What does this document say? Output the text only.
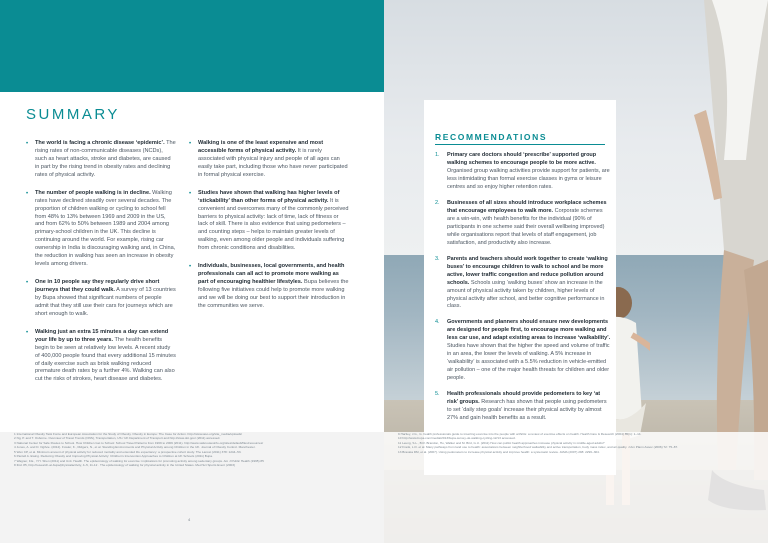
SUMMARY
• The world is facing a chronic disease ‘epidemic’. The rising rates of non-communicable diseases (NCDs), such as heart attacks, stroke and diabetes, are caused in part by the rising trend in obesity rates and declining rates of physical activity.
• The number of people walking is in decline. Walking rates have declined steadily over several decades. The proportion of children walking or cycling to school fell from 48% to 13% between 1969 and 2009 in the US, and from 62% to 50% between 1989 and 2004 among primary-school children in the UK. This decline is continuing around the world. For example, rising car ownership in India is discouraging walking and, in China, the reduction in walking has seen an increase in obesity levels among drivers.
• One in 10 people say they regularly drive short journeys that they could walk. A survey of 13 countries by Bupa showed that significant numbers of people admit that they still use their cars for journeys which are short enough to walk.
• Walking just an extra 15 minutes a day can extend your life by up to three years. The health benefits begin to be seen at relatively low levels. A recent study of 400,000 people found that every additional 15 minutes of daily exercise such as brisk walking reduced premature death rates by a further 4%. Walking can also cut the risks of strokes, heart disease and diabetes.
• Walking is one of the least expensive and most accessible forms of physical activity. It is rarely associated with physical injury and people of all ages can easily take part, including those who have never participated in formal physical exercise.
• Studies have shown that walking has higher levels of ‘stickability’ than other forms of physical activity. It is convenient and overcomes many of the commonly perceived barriers to physical activity: lack of time, lack of fitness or lack of skill. There is also evidence that using pedometers – and counting steps – helps to maintain greater levels of walking, even among older people and individuals suffering from chronic conditions and disabilities.
• Individuals, businesses, local governments, and health professionals can all act to promote more walking as part of encouraging healthier lifestyles. Bupa believes the following five initiatives could help to promote more walking and we will be doing our best to support their introduction in the communities we serve.

1 International Obesity Task Force and European Association for the Study of Obesity. Obesity in Europe: The Case for Action. http://www.iaso.org/site_media/uploads/

2 Ng, P. and T. Osborne. Overview of Travel Trends (ONS), Transportation, US / UK Department of Transport and http://www.dot.gov/ (2011) accessed.

3 National Center for Safe Routes to School. How Children Get to School: School Travel Patterns from 1969 to 2009 (2011). http://www.saferoutesinfo.org/sites/default/files/resources/

4 Jones, A. and D. Ogilvie. (2012). Fowler, K., Ridgers, N., et al. Standing Environments and Physical Activity among Children in the UK. Journal of Obesity Control. Manchester.

5 Wen CP, et al. Minimum amount of physical activity for reduced mortality and extended life expectancy: a prospective cohort study. The Lancet (2011) 378: 1244–53.

6 Pantell A. Ewing. Reducing Obesity and Improving Physical Activity: Children’s Intervention Approaches to Children at UK Schools (2011) Bupa.

7 Wagner, F.E., Y.H. Shen (2011) and Unit. Health. The epidemiology of walking for exercise: implications for promoting activity among sedentary groups. Am J Public Health (1995) 85

8 Ibid. 85, http://research-at-bupa/physicalactivity, 4–5, 11-12 · The epidemiology of walking for physical activity in the United States. Med Sci Sports Exerc (2003)

4
RECOMMENDATIONS
1. Primary care doctors should ‘prescribe’ supported group walking schemes to encourage people to be more active. Organised group walking activities provide support for patients, are less intimidating than formal exercise classes in gyms or leisure centres and so enjoy higher retention rates.
2. Businesses of all sizes should introduce workplace schemes that encourage employees to walk more. Corporate schemes are a win-win, with health benefits for the individual (90% of participants in one scheme said their overall wellbeing improved) while organisations report that levels of staff engagement, job satisfaction, and productivity also increase.
3. Parents and teachers should work together to create ‘walking buses’ to encourage children to walk to school and be more active, lower traffic congestion and reduce pollution around schools. Schools using ‘walking buses’ show an increase in the amount of physical activity taken by children, higher levels of physical activity after school, and better cognitive performance in class.
4. Governments and planners should ensure new developments are designed for people first, to encourage more walking and less car use, and adapt existing areas to increase ‘walkability’. Studies have shown that the higher the speed and volume of traffic in an area, the lower the levels of walking. A 5% increase in ‘walkability’ is associated with a 5.5% reduction in vehicle-emitted air pollution – one of the major health threats for children and older people.
5. Health professionals should provide pedometers to key ‘at risk’ groups. Research has shown that people using pedometers to set ‘daily step goals’ increase their physical activity by almost 27% and gain health benefits as a result.

9 Hartley, J.G., G. health professionals guide to inserting exercise into the people with arthritis: a review of exercise effects on health. Health Care & Research (2004) 85(1): 1–14.

10 http://www.bupa.com/media/2013/bupa-survey-uk-walking-cycling-12/13 accessed.

11 Leung, S.L., B.R. Brandon, Ho, Walker and M. Bird, G.U. (2011) How can public health approaches increase physical activity in middle-aged adults?

12 Frank, L.D. et al. Many pathways from land use to health: associations between neighborhood walkability and active transportation, body mass index, and air quality. J Am Plann Assoc (2006) 72: 75–87.

13 Bravata DM, et al. (2007). Using pedometers to increase physical activity and improve health: a systematic review. JAMA (2007) 298: 2296–304.
